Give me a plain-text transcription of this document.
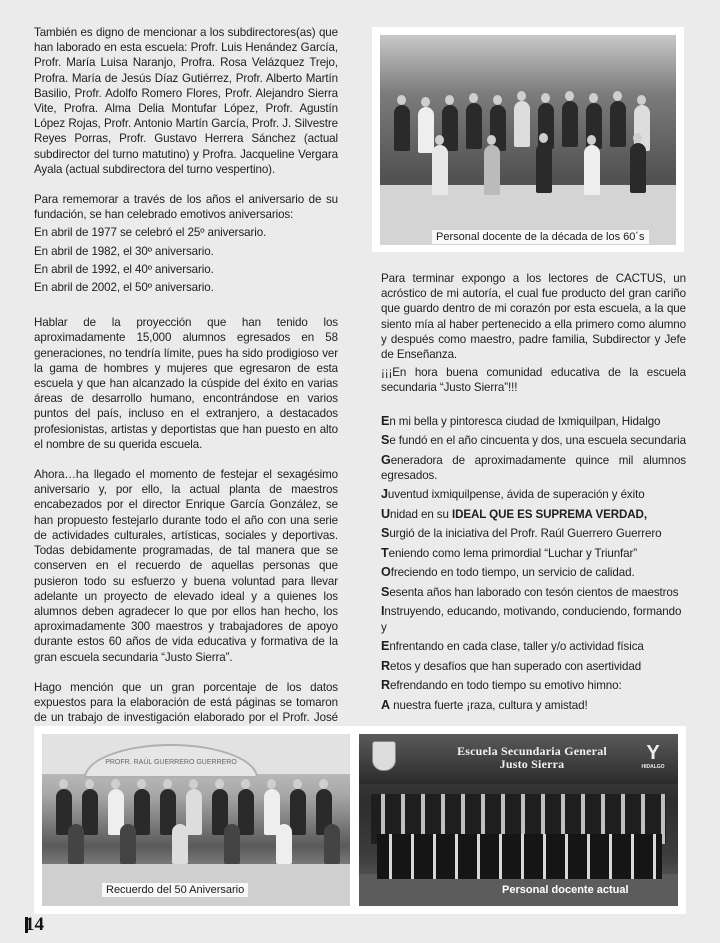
También es digno de mencionar a los subdirectores(as) que han laborado en esta escuela: Profr. Luis Henández García, Profr. María Luisa Naranjo, Profra. Rosa Velázquez Trejo, Profra. María de Jesús Díaz Gutiérrez, Profr. Alberto Martín Basilio, Profr. Adolfo Romero Flores, Profr. Alejandro Sierra Vite, Profra. Alma Delia Montufar López, Profr. Agustín López Rojas, Profr. Antonio Martín García, Profr. J. Silvestre Reyes Porras, Profr. Gustavo Herrera Sánchez (actual subdirector del turno matutino) y Profra. Jacqueline Vergara Ayala (actual subdirectora del turno vespertino).

Para rememorar a través de los años el aniversario de su fundación, se han celebrado emotivos aniversarios:

En abril de 1977 se celebró el 25º aniversario.
En abril de 1982, el 30º aniversario.
En abril de 1992, el 40º aniversario.
En abril de 2002, el 50º aniversario.

Hablar de la proyección que han tenido los aproximadamente 15,000 alumnos egresados en 58 generaciones, no tendría límite, pues ha sido prodigioso ver la gama de hombres y mujeres que egresaron de esta escuela y que han alcanzado la cúspide del éxito en varias áreas de desarrollo humano, encontrándose en varios puntos del país, incluso en el extranjero, a destacados profesionistas, artistas y deportistas que han puesto en alto el nombre de su querida escuela.

Ahora…ha llegado el momento de festejar el sexagésimo aniversario y, por ello, la actual planta de maestros encabezados por el director Enrique García González, se han propuesto festejarlo durante todo el año con una serie de actividades culturales, artísticas, sociales y deportivas. Todas debidamente programadas, de tal manera que se conserven en el recuerdo de aquellas personas que pusieron todo su esfuerzo y buena voluntad para llevar adelante un proyecto de elevado ideal y a quienes los alumnos deben agradecer lo que por ellos han hecho, los aproximadamente 300 maestros y trabajadores de apoyo durante estos 60 años de vida educativa y formativa de la gran escuela secundaria “Justo Sierra”.

Hago mención que un gran porcentaje de los datos expuestos para la elaboración de está páginas se tomaron de un trabajo de investigación elaborado por el Profr. José

Personal docente de la década de los 60´s

Para terminar expongo a los lectores de CACTUS, un acróstico de mi autoría, el cual fue producto del gran cariño que guardo dentro de mi corazón por esta escuela, a la que siento mía al haber pertenecido a ella primero como alumno y después como maestro, padre familia, Subdirector y Jefe de Enseñanza.

¡¡¡En hora buena comunidad educativa de la escuela secundaria “Justo Sierra”!!!

En mi bella y pintoresca ciudad de Ixmiquilpan, Hidalgo

Se fundó en el año cincuenta y dos, una escuela secundaria

Generadora de aproximadamente quince mil alumnos egresados.

Juventud ixmiquilpense, ávida de superación y éxito

Unidad en su IDEAL QUE ES SUPREMA VERDAD,

Surgió de la iniciativa del Profr. Raúl Guerrero Guerrero

Teniendo como lema primordial “Luchar y Triunfar”

Ofreciendo en todo tiempo, un servicio de calidad.

Sesenta años han laborado con tesón cientos de maestros

Instruyendo, educando, motivando, conduciendo, formando y

Enfrentando en cada clase, taller y/o actividad física

Retos y desafíos que han superado con asertividad

Refrendando en todo tiempo su emotivo himno:

A nuestra fuerte ¡raza, cultura y amistad!

PROFR. RAÚL GUERRERO GUERRERO
Recuerdo del 50 Aniversario
Escuela Secundaria General
Justo Sierra	Y
HIDALGO
Personal docente actual
14
